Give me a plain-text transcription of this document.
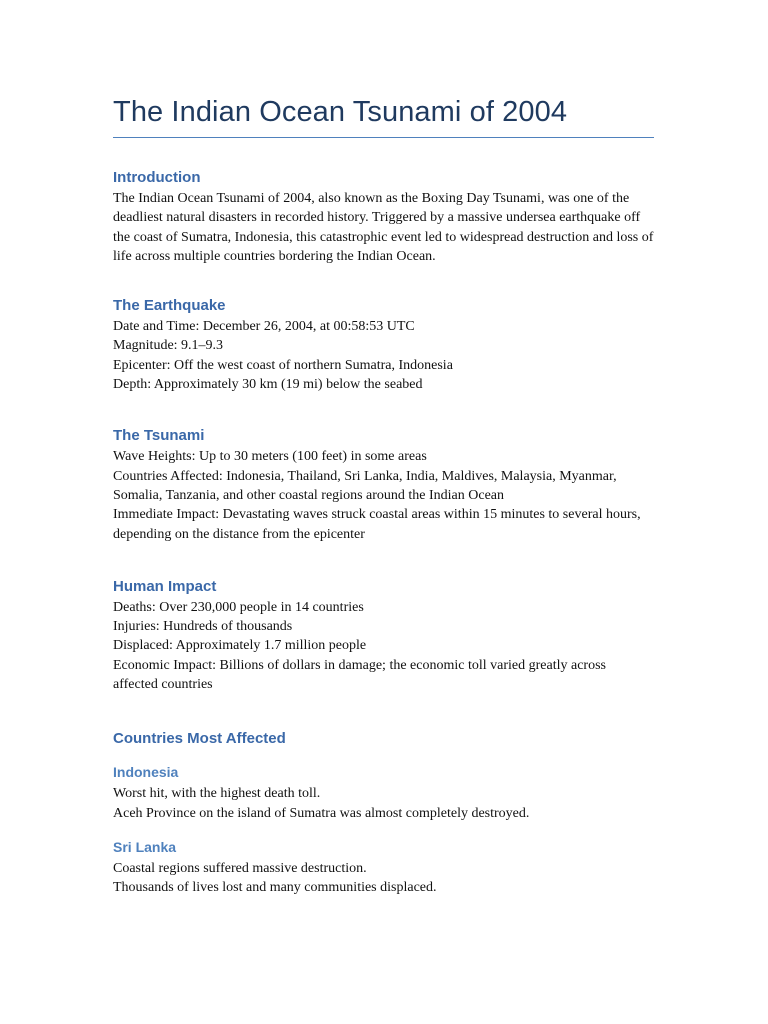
The Indian Ocean Tsunami of 2004
Introduction

The Indian Ocean Tsunami of 2004, also known as the Boxing Day Tsunami, was one of the deadliest natural disasters in recorded history. Triggered by a massive undersea earthquake off the coast of Sumatra, Indonesia, this catastrophic event led to widespread destruction and loss of life across multiple countries bordering the Indian Ocean.

The Earthquake

Date and Time: December 26, 2004, at 00:58:53 UTC

Magnitude: 9.1–9.3

Epicenter: Off the west coast of northern Sumatra, Indonesia

Depth: Approximately 30 km (19 mi) below the seabed

The Tsunami

Wave Heights: Up to 30 meters (100 feet) in some areas

Countries Affected: Indonesia, Thailand, Sri Lanka, India, Maldives, Malaysia, Myanmar, Somalia, Tanzania, and other coastal regions around the Indian Ocean

Immediate Impact: Devastating waves struck coastal areas within 15 minutes to several hours, depending on the distance from the epicenter

Human Impact

Deaths: Over 230,000 people in 14 countries

Injuries: Hundreds of thousands

Displaced: Approximately 1.7 million people

Economic Impact: Billions of dollars in damage; the economic toll varied greatly across affected countries

Countries Most Affected
Indonesia

Worst hit, with the highest death toll.

Aceh Province on the island of Sumatra was almost completely destroyed.

Sri Lanka

Coastal regions suffered massive destruction.

Thousands of lives lost and many communities displaced.
